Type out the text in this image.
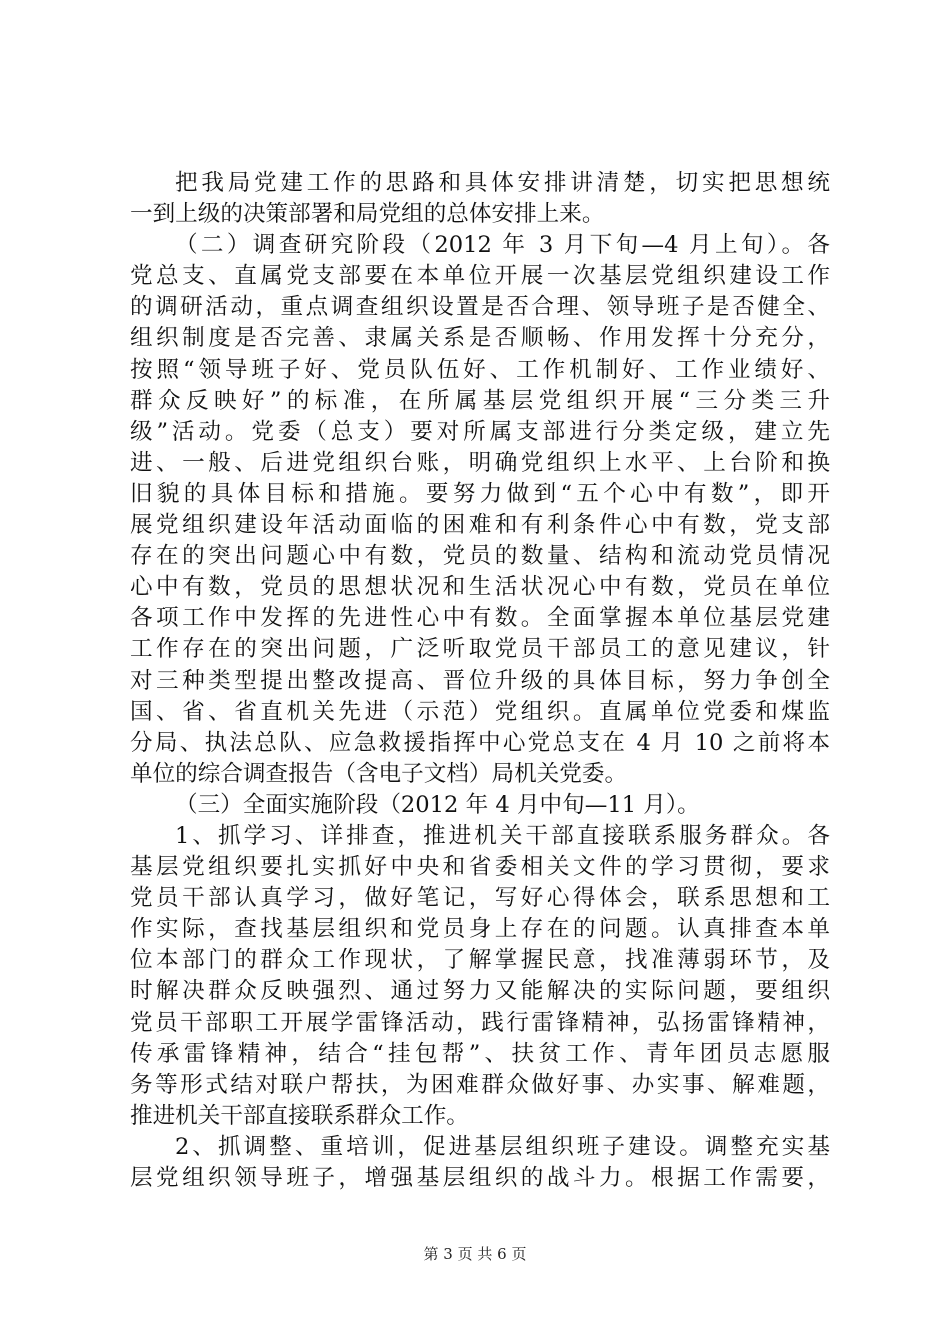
把我局党建工作的思路和具体安排讲清楚，切实把思想统
一到上级的决策部署和局党组的总体安排上来。
（二）调查研究阶段（2012 年 3 月下旬—4 月上旬）。各
党总支、直属党支部要在本单位开展一次基层党组织建设工作
的调研活动，重点调查组织设置是否合理、领导班子是否健全、
组织制度是否完善、隶属关系是否顺畅、作用发挥十分充分，
按照“领导班子好、党员队伍好、工作机制好、工作业绩好、
群众反映好”的标准，在所属基层党组织开展“三分类三升
级”活动。党委（总支）要对所属支部进行分类定级，建立先
进、一般、后进党组织台账，明确党组织上水平、上台阶和换
旧貌的具体目标和措施。要努力做到“五个心中有数”，即开
展党组织建设年活动面临的困难和有利条件心中有数，党支部
存在的突出问题心中有数，党员的数量、结构和流动党员情况
心中有数，党员的思想状况和生活状况心中有数，党员在单位
各项工作中发挥的先进性心中有数。全面掌握本单位基层党建
工作存在的突出问题，广泛听取党员干部员工的意见建议，针
对三种类型提出整改提高、晋位升级的具体目标，努力争创全
国、省、省直机关先进（示范）党组织。直属单位党委和煤监
分局、执法总队、应急救援指挥中心党总支在 4 月 10 之前将本
单位的综合调查报告（含电子文档）局机关党委。
（三）全面实施阶段（2012 年 4 月中旬—11 月）。
1、抓学习、详排查，推进机关干部直接联系服务群众。各
基层党组织要扎实抓好中央和省委相关文件的学习贯彻，要求
党员干部认真学习，做好笔记，写好心得体会，联系思想和工
作实际，查找基层组织和党员身上存在的问题。认真排查本单
位本部门的群众工作现状，了解掌握民意，找准薄弱环节，及
时解决群众反映强烈、通过努力又能解决的实际问题，要组织
党员干部职工开展学雷锋活动，践行雷锋精神，弘扬雷锋精神，
传承雷锋精神，结合“挂包帮”、扶贫工作、青年团员志愿服
务等形式结对联户帮扶，为困难群众做好事、办实事、解难题，
推进机关干部直接联系群众工作。
2、抓调整、重培训，促进基层组织班子建设。调整充实基
层党组织领导班子，增强基层组织的战斗力。根据工作需要，
第 3 页 共 6 页
